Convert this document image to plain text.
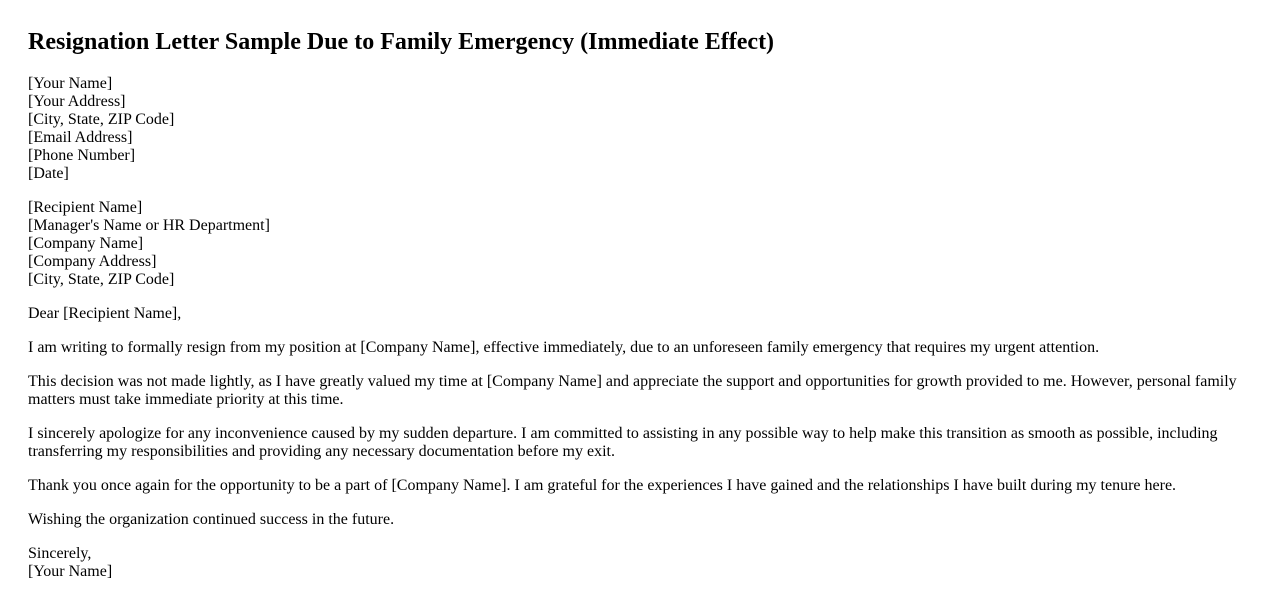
Resignation Letter Sample Due to Family Emergency (Immediate Effect)
[Your Name]
[Your Address]
[City, State, ZIP Code]
[Email Address]
[Phone Number]
[Date]
[Recipient Name]
[Manager's Name or HR Department]
[Company Name]
[Company Address]
[City, State, ZIP Code]

Dear [Recipient Name],

I am writing to formally resign from my position at [Company Name], effective immediately, due to an unforeseen family emergency that requires my urgent attention.

This decision was not made lightly, as I have greatly valued my time at [Company Name] and appreciate the support and opportunities for growth provided to me. However, personal family matters must take immediate priority at this time.

I sincerely apologize for any inconvenience caused by my sudden departure. I am committed to assisting in any possible way to help make this transition as smooth as possible, including transferring my responsibilities and providing any necessary documentation before my exit.

Thank you once again for the opportunity to be a part of [Company Name]. I am grateful for the experiences I have gained and the relationships I have built during my tenure here.

Wishing the organization continued success in the future.

Sincerely,
[Your Name]
